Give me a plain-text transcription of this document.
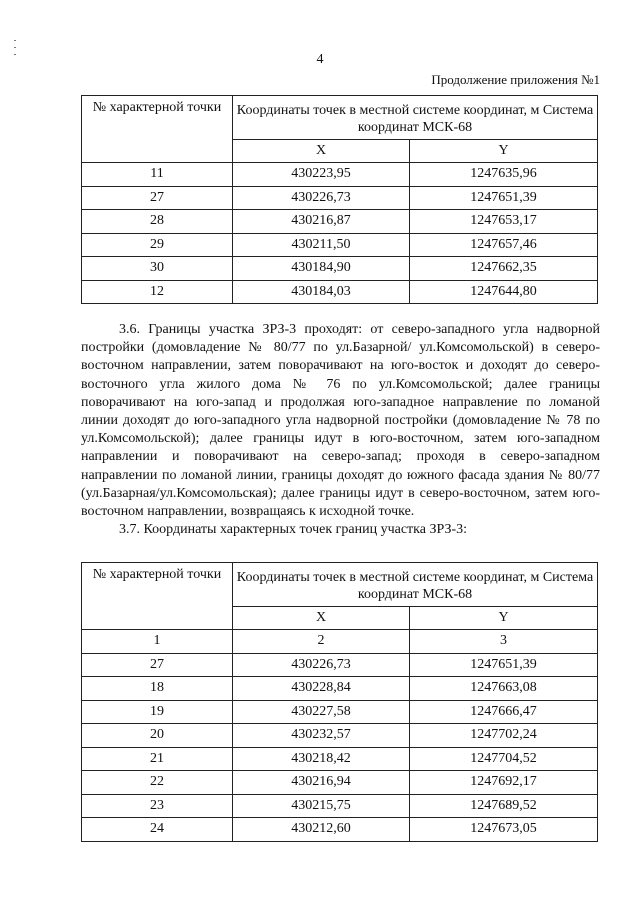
4
Продолжение приложения №1
№ характерной точки	Координаты точек в местной системе координат, м Система координат МСК-68	
	X	Y
11	430223,95	1247635,96
27	430226,73	1247651,39
28	430216,87	1247653,17
29	430211,50	1247657,46
30	430184,90	1247662,35
12	430184,03	1247644,80

3.6. Границы участка ЗРЗ-3 проходят: от северо-западного угла надворной постройки (домовладение № 80/77 по ул.Базарной/ ул.Комсомольской) в северо-восточном направлении, затем поворачивают на юго-восток и доходят до северо-восточного угла жилого дома № 76 по ул.Комсомольской; далее границы поворачивают на юго-запад и продолжая юго-западное направление по ломаной линии доходят до юго-западного угла надворной постройки (домовладение № 78 по ул.Комсомольской); далее границы идут в юго-восточном, затем юго-западном направлении и поворачивают на северо-запад; проходя в северо-западном направлении по ломаной линии, границы доходят до южного фасада здания № 80/77 (ул.Базарная/ул.Комсомольская); далее границы идут в северо-восточном, затем юго-восточном направлении, возвращаясь к исходной точке.

3.7. Координаты характерных точек границ участка ЗРЗ-3:

№ характерной точки	Координаты точек в местной системе координат, м Система координат МСК-68	
	X	Y
1	2	3
27	430226,73	1247651,39
18	430228,84	1247663,08
19	430227,58	1247666,47
20	430232,57	1247702,24
21	430218,42	1247704,52
22	430216,94	1247692,17
23	430215,75	1247689,52
24	430212,60	1247673,05
